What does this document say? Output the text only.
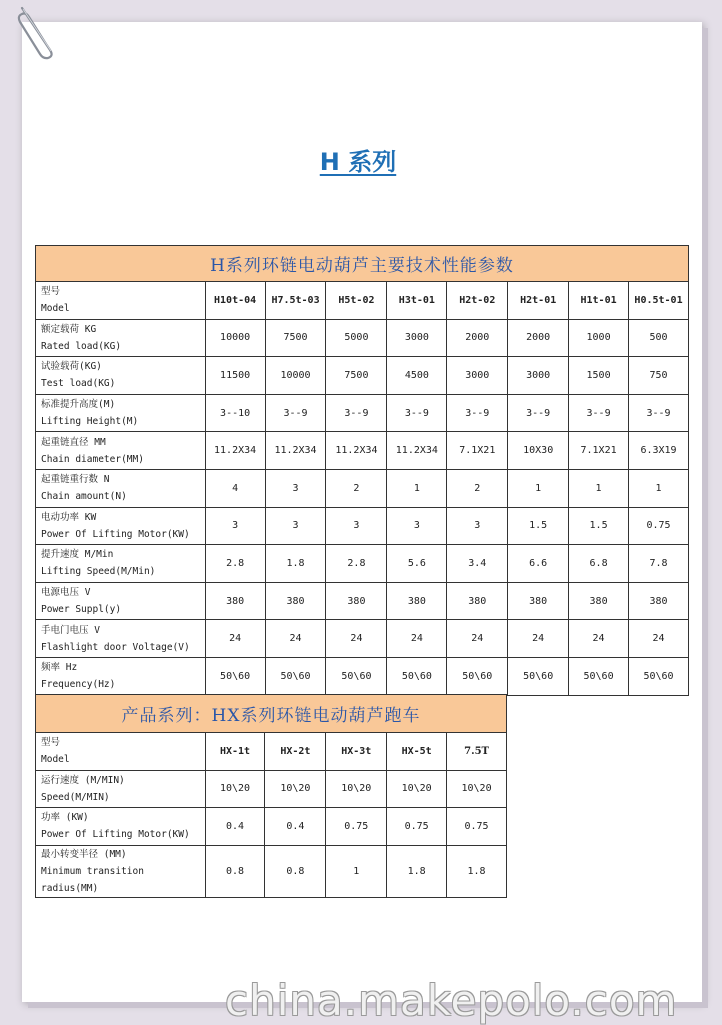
H 系列
H系列环链电动葫芦主要技术性能参数								

型号
Model	H10t-04	H7.5t-03	H5t-02	H3t-01	H2t-02	H2t-01	H1t-01	H0.5t-01

额定载荷 KG
Rated load(KG)	10000	7500	5000	3000	2000	2000	1000	500

试验载荷(KG)
Test load(KG)	11500	10000	7500	4500	3000	3000	1500	750

标准提升高度(M)
Lifting Height(M)	3--10	3--9	3--9	3--9	3--9	3--9	3--9	3--9

起重链直径 MM
Chain diameter(MM)	11.2X34	11.2X34	11.2X34	11.2X34	7.1X21	10X30	7.1X21	6.3X19

起重链重行数 N
Chain amount(N)	4	3	2	1	2	1	1	1

电动功率 KW
Power Of Lifting Motor(KW)	3	3	3	3	3	1.5	1.5	0.75

提升速度 M/Min
Lifting Speed(M/Min)	2.8	1.8	2.8	5.6	3.4	6.6	6.8	7.8

电源电压 V
Power Suppl(y)	380	380	380	380	380	380	380	380

手电门电压 V
Flashlight door Voltage(V)	24	24	24	24	24	24	24	24

频率 Hz
Frequency(Hz)	50\60	50\60	50\60	50\60	50\60	50\60	50\60	50\60
产品系列：HX系列环链电动葫芦跑车					

型号
Model	HX-1t	HX-2t	HX-3t	HX-5t	7.5T

运行速度 (M/MIN)
Speed(M/MIN)	10\20	10\20	10\20	10\20	10\20

功率 (KW)
Power Of Lifting Motor(KW)	0.4	0.4	0.75	0.75	0.75

最小转变半径 (MM)
Minimum transition radius(MM)	0.8	0.8	1	1.8	1.8
china.makepolo.com
